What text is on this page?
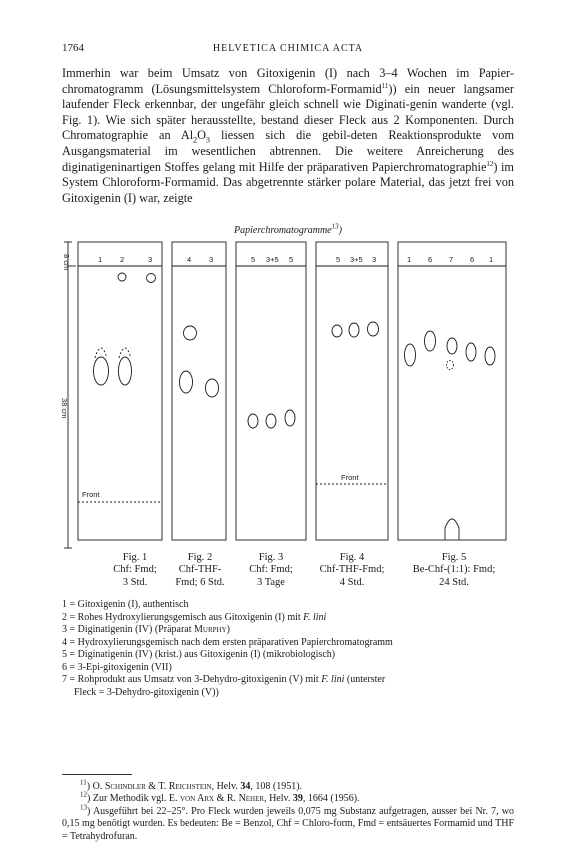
1764	HELVETICA CHIMICA ACTA

Immerhin war beim Umsatz von Gitoxigenin (I) nach 3–4 Wochen im Papier-chromatogramm (Lösungsmittelsystem Chloroform-Formamid$^{11}$)) ein neuer langsamer laufender Fleck erkennbar, der ungefähr gleich schnell wie Diginati-genin wanderte (vgl. Fig. 1). Wie sich später herausstellte, bestand dieser Fleck aus 2 Komponenten. Durch Chromatographie an $Al_2O_3$ liessen sich die gebil-deten Reaktionsprodukte vom Ausgangsmaterial im wesentlichen abtrennen. Die weitere Anreicherung des diginatigeninartigen Stoffes gelang mit Hilfe der präparativen Papierchromatographie$^{12}$) im System Chloroform-Formamid. Das abgetrennte stärker polare Material, das jetzt frei von Gitoxigenin (I) war, zeigte

Papierchromatogramme$^{13}$)
8 cm
38 cm
1 2	3
Front
4 3	5 3+5 5	5 3+5 3
Front
1 6 7 6 1
Fig. 1
Chf: Fmd;
3 Std.
Fig. 2
Chf-THF-
Fmd; 6 Std.
Fig. 3
Chf: Fmd;
3 Tage
Fig. 4
Chf-THF-Fmd;
4 Std.
Fig. 5
Be-Chf-(1:1): Fmd;
24 Std.
1 = Gitoxigenin (I), authentisch
2 = Rohes Hydroxylierungsgemisch aus Gitoxigenin (I) mit F. lini
3 = Diginatigenin (IV) (Präparat Murphy)
4 = Hydroxylierungsgemisch nach dem ersten präparativen Papierchromatogramm
5 = Diginatigenin (IV) (krist.) aus Gitoxigenin (I) (mikrobiologisch)
6 = 3-Epi-gitoxigenin (VII)
7 = Rohprodukt aus Umsatz von 3-Dehydro-gitoxigenin (V) mit F. lini (unterster
Fleck = 3-Dehydro-gitoxigenin (V))
$^{11}$) O. Schindler & T. Reichstein, Helv. 34, 108 (1951).
$^{12}$) Zur Methodik vgl. E. von Arx & R. Neher, Helv. 39, 1664 (1956).
$^{13}$) Ausgeführt bei 22–25°. Pro Fleck wurden jeweils 0,075 mg Substanz aufgetragen, ausser bei Nr. 7, wo 0,15 mg benötigt wurden. Es bedeuten: Be = Benzol, Chf = Chloro-form, Fmd = entsäuertes Formamid und THF = Tetrahydrofuran.
